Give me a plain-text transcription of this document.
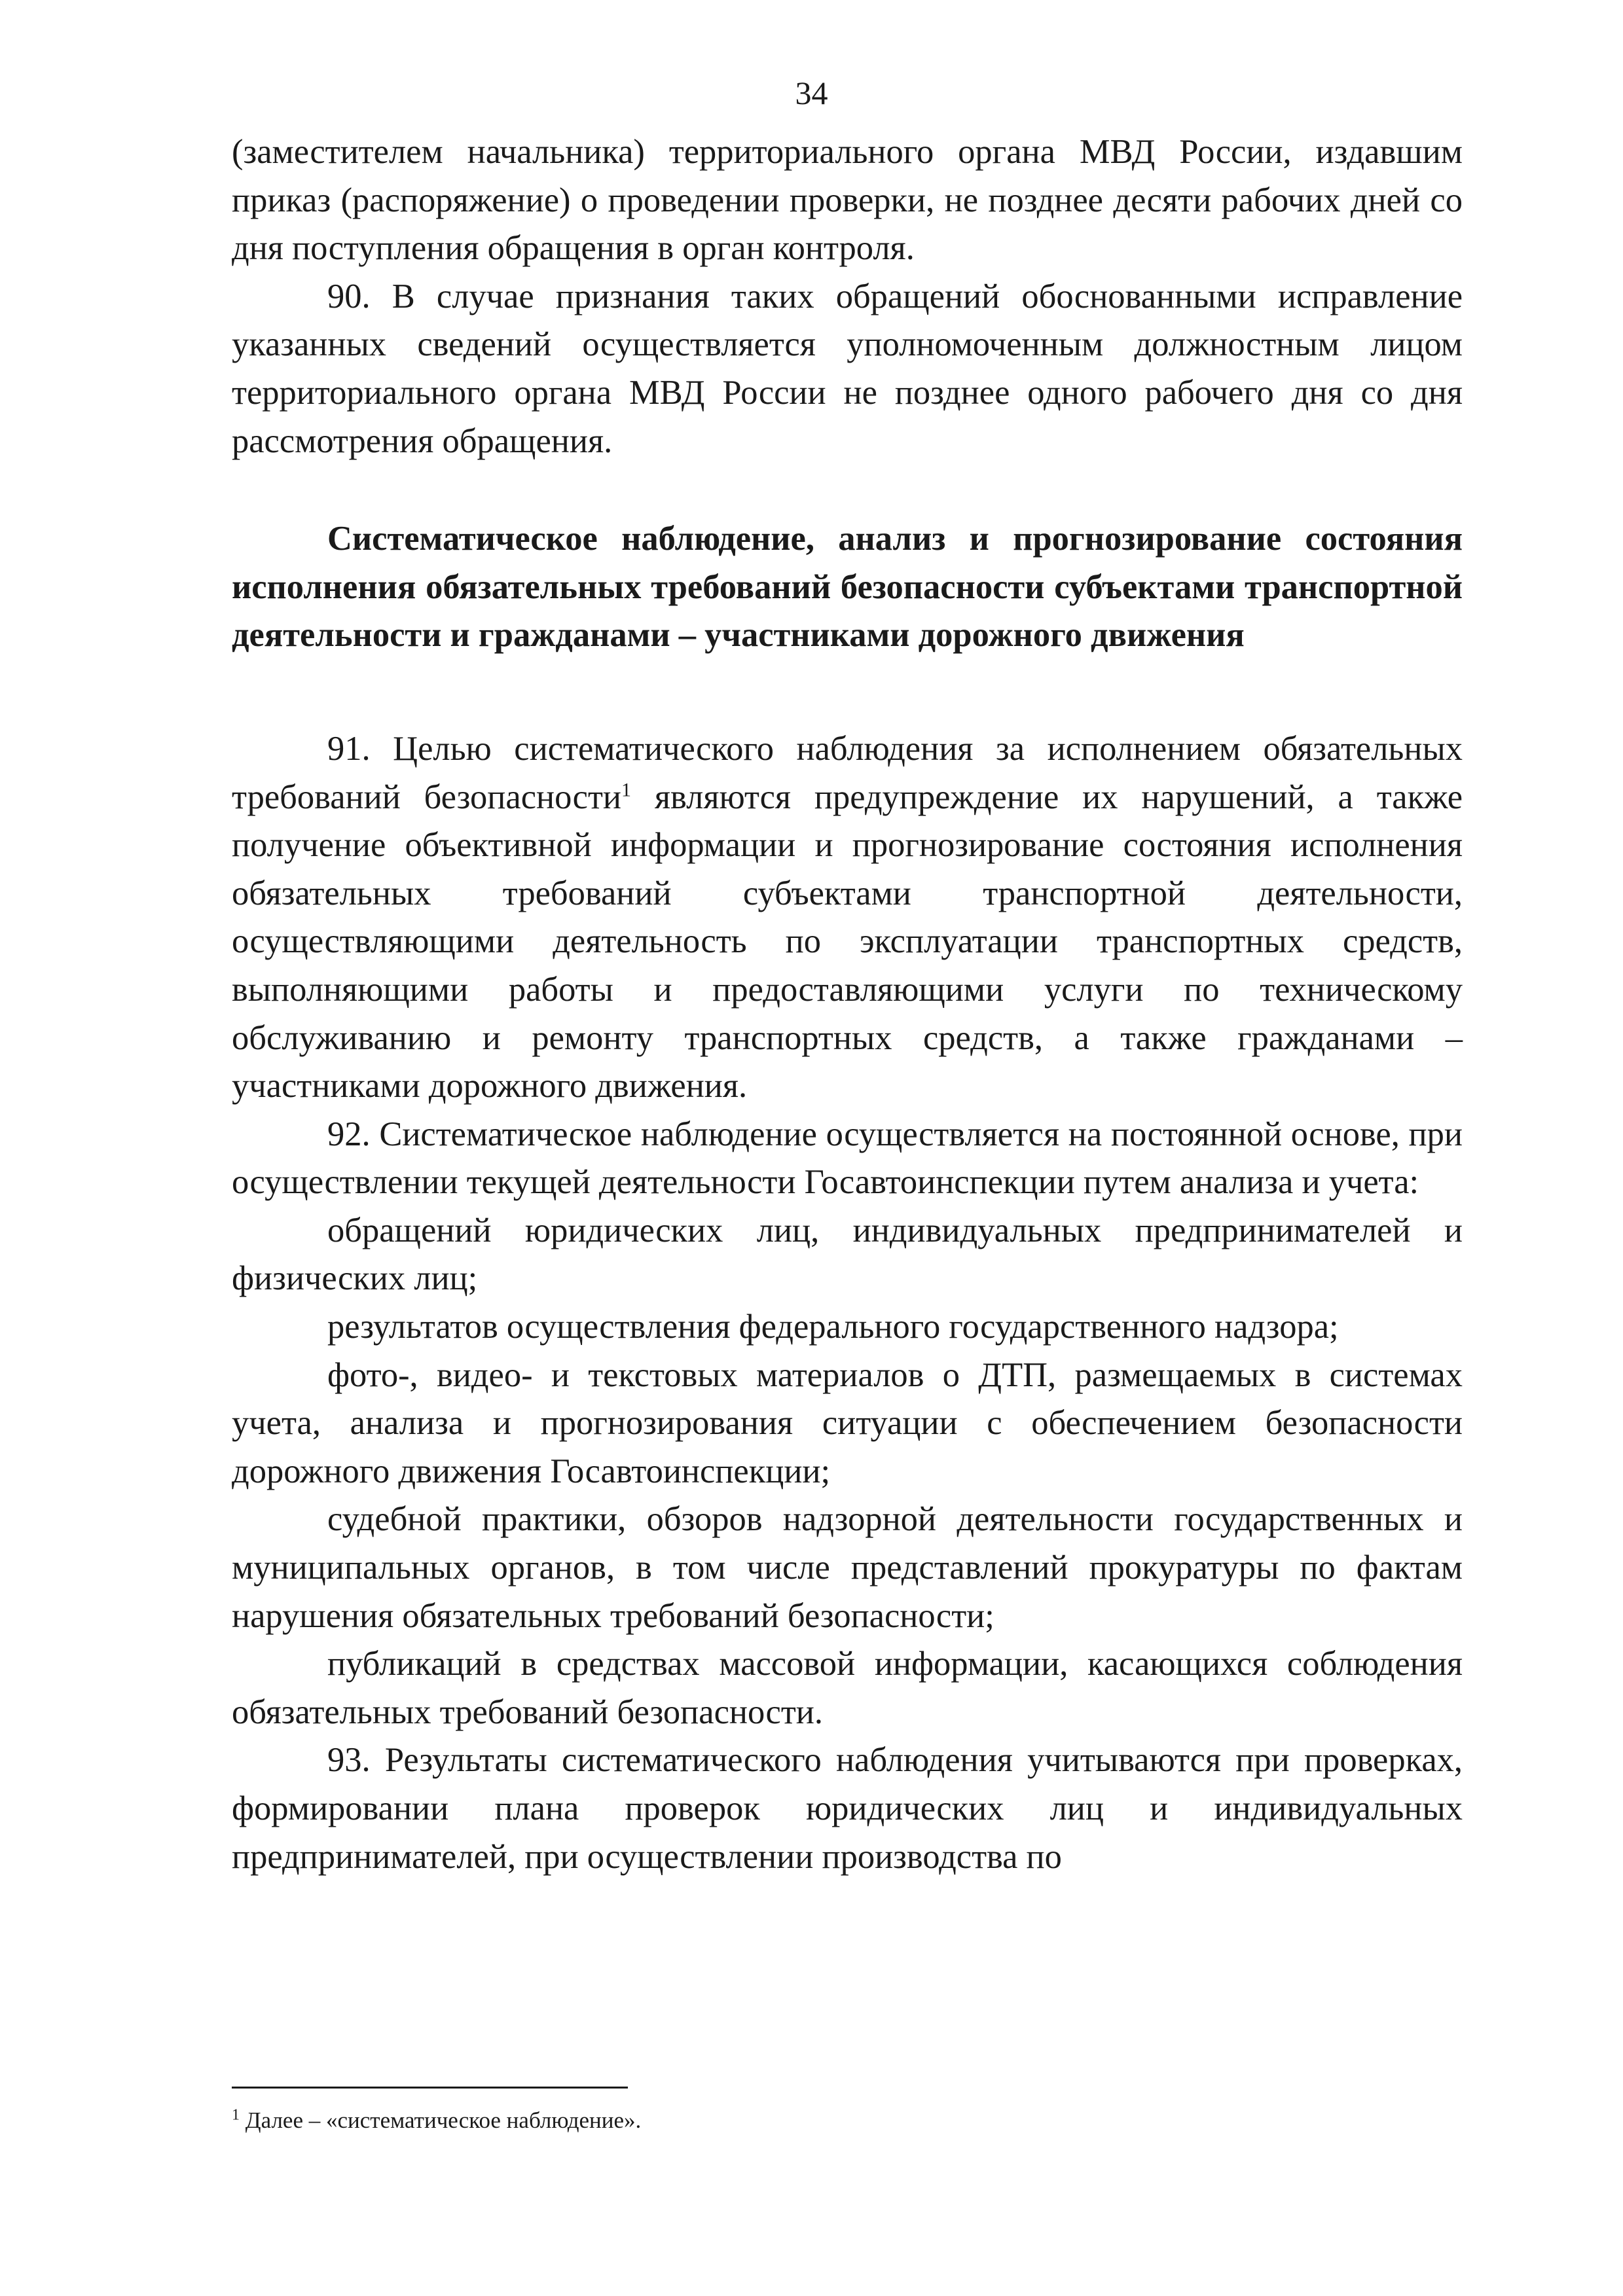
34

(заместителем начальника) территориального органа МВД России, издавшим приказ (распоряжение) о проведении проверки, не позднее десяти рабочих дней со дня поступления обращения в орган контроля.

90. В случае признания таких обращений обоснованными исправление указанных сведений осуществляется уполномоченным должностным лицом территориального органа МВД России не позднее одного рабочего дня со дня рассмотрения обращения.

Систематическое наблюдение, анализ и прогнозирование состояния исполнения обязательных требований безопасности субъектами транспортной деятельности и гражданами – участниками дорожного движения

91. Целью систематического наблюдения за исполнением обязательных требований безопасности$^1$ являются предупреждение их нарушений, а также получение объективной информации и прогнозирование состояния исполнения обязательных требований субъектами транспортной деятельности, осуществляющими деятельность по эксплуатации транспортных средств, выполняющими работы и предоставляющими услуги по техническому обслуживанию и ремонту транспортных средств, а также гражданами – участниками дорожного движения.

92. Систематическое наблюдение осуществляется на постоянной основе, при осуществлении текущей деятельности Госавтоинспекции путем анализа и учета:

обращений юридических лиц, индивидуальных предпринимателей и физических лиц;

результатов осуществления федерального государственного надзора;

фото-, видео- и текстовых материалов о ДТП, размещаемых в системах учета, анализа и прогнозирования ситуации с обеспечением безопасности дорожного движения Госавтоинспекции;

судебной практики, обзоров надзорной деятельности государственных и муниципальных органов, в том числе представлений прокуратуры по фактам нарушения обязательных требований безопасности;

публикаций в средствах массовой информации, касающихся соблюдения обязательных требований безопасности.

93. Результаты систематического наблюдения учитываются при проверках, формировании плана проверок юридических лиц и индивидуальных предпринимателей, при осуществлении производства по

$^1$ Далее – «систематическое наблюдение».
